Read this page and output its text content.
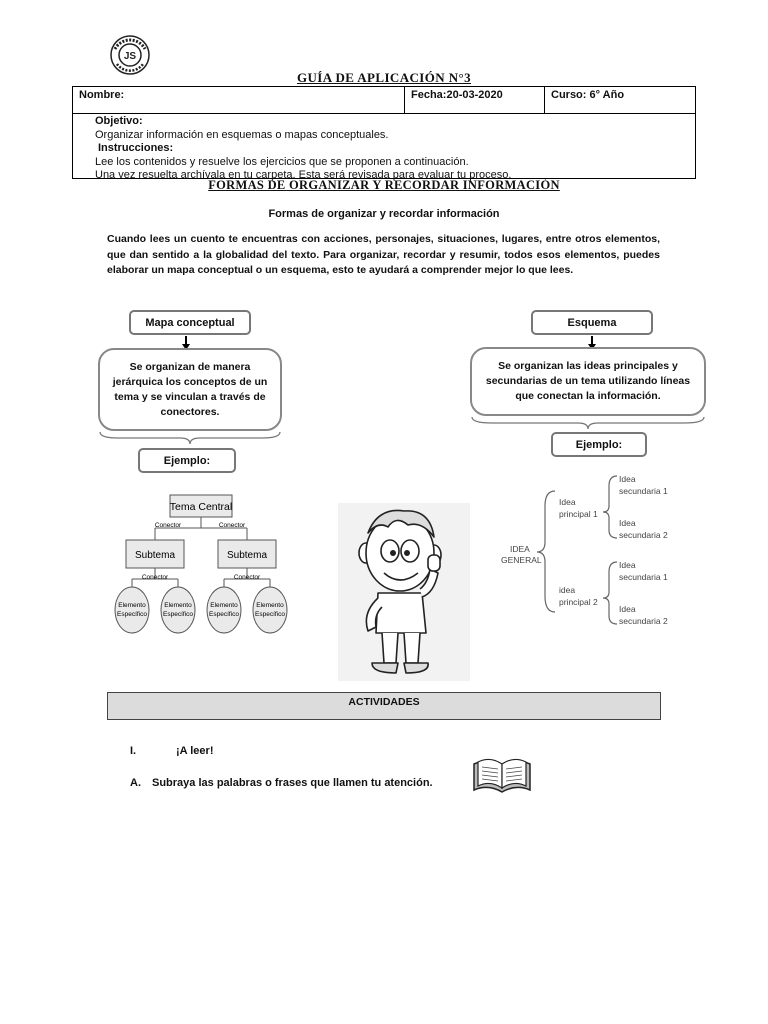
JS
GUÍA DE APLICACIÓN N°3
Nombre:	Fecha:20-03-2020	Curso: 6° Año
Objetivo:
Organizar información en esquemas o mapas conceptuales.
Instrucciones:
Lee los contenidos y resuelve los ejercicios que se proponen a continuación.
Una vez resuelta archívala en tu carpeta. Esta será revisada para evaluar tu proceso.
FORMAS DE ORGANIZAR Y RECORDAR INFORMACIÓN
Formas de organizar y recordar información
Cuando lees un cuento te encuentras con acciones, personajes, situaciones, lugares, entre otros elementos, que dan sentido a la globalidad del texto. Para organizar, recordar y resumir, todos esos elementos, puedes elaborar un mapa conceptual o un esquema, esto te ayudará a comprender mejor lo que lees.
Mapa conceptual
Se organizan de manera jerárquica los conceptos de un tema y se vinculan a través de conectores.
Ejemplo:
Tema Central
Conector	Conector
Subtema	Subtema
Conector	Conector
Elemento
Específico
Elemento
Específico
Elemento
Específico
Elemento
Específico
Esquema
Se organizan las ideas principales y secundarias de un tema utilizando líneas que conectan la información.
Ejemplo:
IDEA
GENERAL
Idea
principal 1
idea
principal 2
Idea
secundaria 1
Idea
secundaria 2
Idea
secundaria 1
Idea
secundaria 2
ACTIVIDADES
I.	¡A leer!
A. Subraya las palabras o frases que llamen tu atención.
